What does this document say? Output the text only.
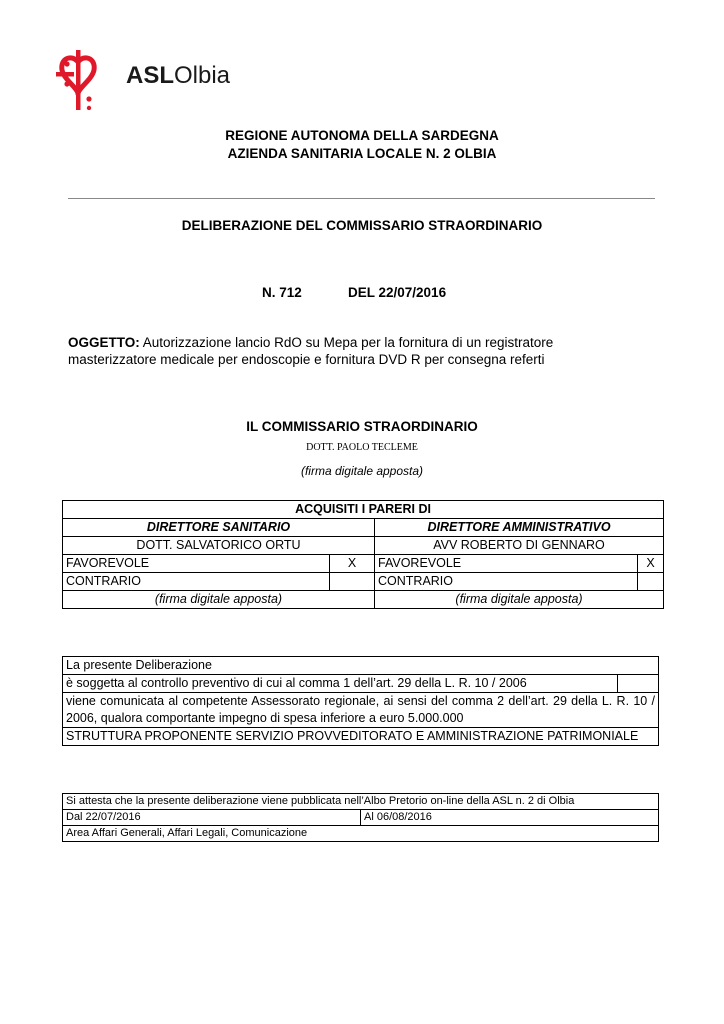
ASLOlbia
REGIONE AUTONOMA DELLA SARDEGNA
AZIENDA SANITARIA LOCALE N. 2 OLBIA
DELIBERAZIONE DEL COMMISSARIO STRAORDINARIO
N. 712	DEL 22/07/2016
OGGETTO: Autorizzazione lancio RdO su Mepa per la fornitura di un registratore
masterizzatore medicale per endoscopie e fornitura DVD R per consegna referti
IL COMMISSARIO STRAORDINARIO
DOTT. PAOLO TECLEME
(firma digitale apposta)
ACQUISITI I PARERI DI			
DIRETTORE SANITARIO		DIRETTORE AMMINISTRATIVO	
DOTT. SALVATORICO ORTU		AVV ROBERTO DI GENNARO	
FAVOREVOLE	X	FAVOREVOLE	X
CONTRARIO		CONTRARIO	
(firma digitale apposta)		(firma digitale apposta)	
La presente Deliberazione
è soggetta al controllo preventivo di cui al comma 1 dell’art. 29 della L. R. 10 / 2006	
viene comunicata al competente Assessorato regionale, ai sensi del comma 2 dell’art. 29 della L. R. 10 / 2006, qualora comportante impegno di spesa inferiore a euro 5.000.000
STRUTTURA PROPONENTE SERVIZIO PROVVEDITORATO E AMMINISTRAZIONE PATRIMONIALE
Si attesta che la presente deliberazione viene pubblicata nell’Albo Pretorio on-line della ASL n. 2 di Olbia
Dal 22/07/2016	Al 06/08/2016
Area Affari Generali, Affari Legali, Comunicazione
